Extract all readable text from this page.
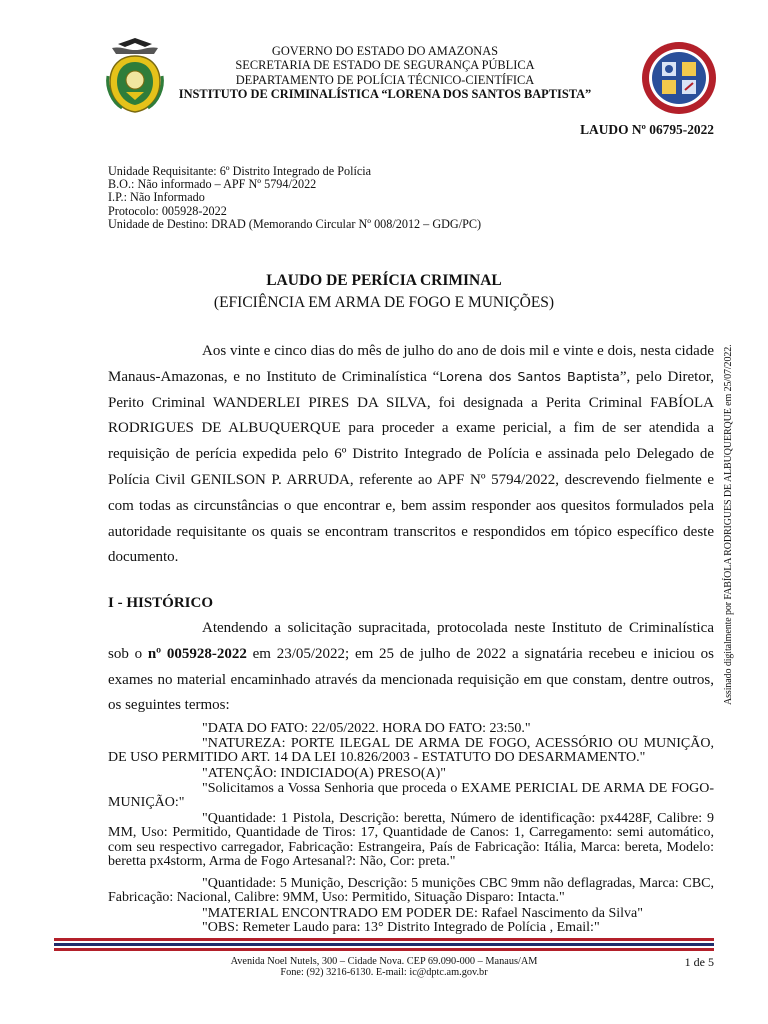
GOVERNO DO ESTADO DO AMAZONAS
SECRETARIA DE ESTADO DE SEGURANÇA PÚBLICA
DEPARTAMENTO DE POLÍCIA TÉCNICO-CIENTÍFICA
INSTITUTO DE CRIMINALÍSTICA “LORENA DOS SANTOS BAPTISTA”
LAUDO Nº 06795-2022
Unidade Requisitante: 6º Distrito Integrado de Polícia
B.O.: Não informado – APF Nº 5794/2022
I.P.: Não Informado
Protocolo: 005928-2022
Unidade de Destino: DRAD (Memorando Circular Nº 008/2012 – GDG/PC)
LAUDO DE PERÍCIA CRIMINAL
(EFICIÊNCIA EM ARMA DE FOGO E MUNIÇÕES)
Aos vinte e cinco dias do mês de julho do ano de dois mil e vinte e dois, nesta cidade Manaus-Amazonas, e no Instituto de Criminalística “Lorena dos Santos Baptista”, pelo Diretor, Perito Criminal WANDERLEI PIRES DA SILVA, foi designada a Perita Criminal FABÍOLA RODRIGUES DE ALBUQUERQUE para proceder a exame pericial, a fim de ser atendida a requisição de perícia expedida pelo 6º Distrito Integrado de Polícia e assinada pelo Delegado de Polícia Civil GENILSON P. ARRUDA, referente ao APF Nº 5794/2022, descrevendo fielmente e com todas as circunstâncias o que encontrar e, bem assim responder aos quesitos formulados pela autoridade requisitante os quais se encontram transcritos e respondidos em tópico específico deste documento.
I - HISTÓRICO
Atendendo a solicitação supracitada, protocolada neste Instituto de Criminalística sob o nº 005928-2022 em 23/05/2022; em 25 de julho de 2022 a signatária recebeu e iniciou os exames no material encaminhado através da mencionada requisição em que constam, dentre outros, os seguintes termos:
"DATA DO FATO: 22/05/2022. HORA DO FATO: 23:50."
"NATUREZA: PORTE ILEGAL DE ARMA DE FOGO, ACESSÓRIO OU MUNIÇÃO, DE USO PERMITIDO ART. 14 DA LEI 10.826/2003 - ESTATUTO DO DESARMAMENTO."
"ATENÇÃO: INDICIADO(A) PRESO(A)"
"Solicitamos a Vossa Senhoria que proceda o EXAME PERICIAL DE ARMA DE FOGO-MUNIÇÃO:"
"Quantidade: 1 Pistola, Descrição: beretta, Número de identificação: px4428F, Calibre: 9 MM, Uso: Permitido, Quantidade de Tiros: 17, Quantidade de Canos: 1, Carregamento: semi automático, com seu respectivo carregador, Fabricação: Estrangeira, País de Fabricação: Itália, Marca: bereta, Modelo: beretta px4storm, Arma de Fogo Artesanal?: Não, Cor: preta."
"Quantidade: 5 Munição, Descrição: 5 munições CBC 9mm não deflagradas, Marca: CBC, Fabricação: Nacional, Calibre: 9MM, Uso: Permitido, Situação Disparo: Intacta."
"MATERIAL ENCONTRADO EM PODER DE: Rafael Nascimento da Silva"
"OBS: Remeter Laudo para: 13° Distrito Integrado de Polícia , Email:"
Assinado digitalmente por FABÍOLA RODRIGUES DE ALBUQUERQUE em 25/07/2022.
Avenida Noel Nutels, 300 – Cidade Nova. CEP 69.090-000 – Manaus/AM
Fone: (92) 3216-6130. E-mail: ic@dptc.am.gov.br
1 de 5
